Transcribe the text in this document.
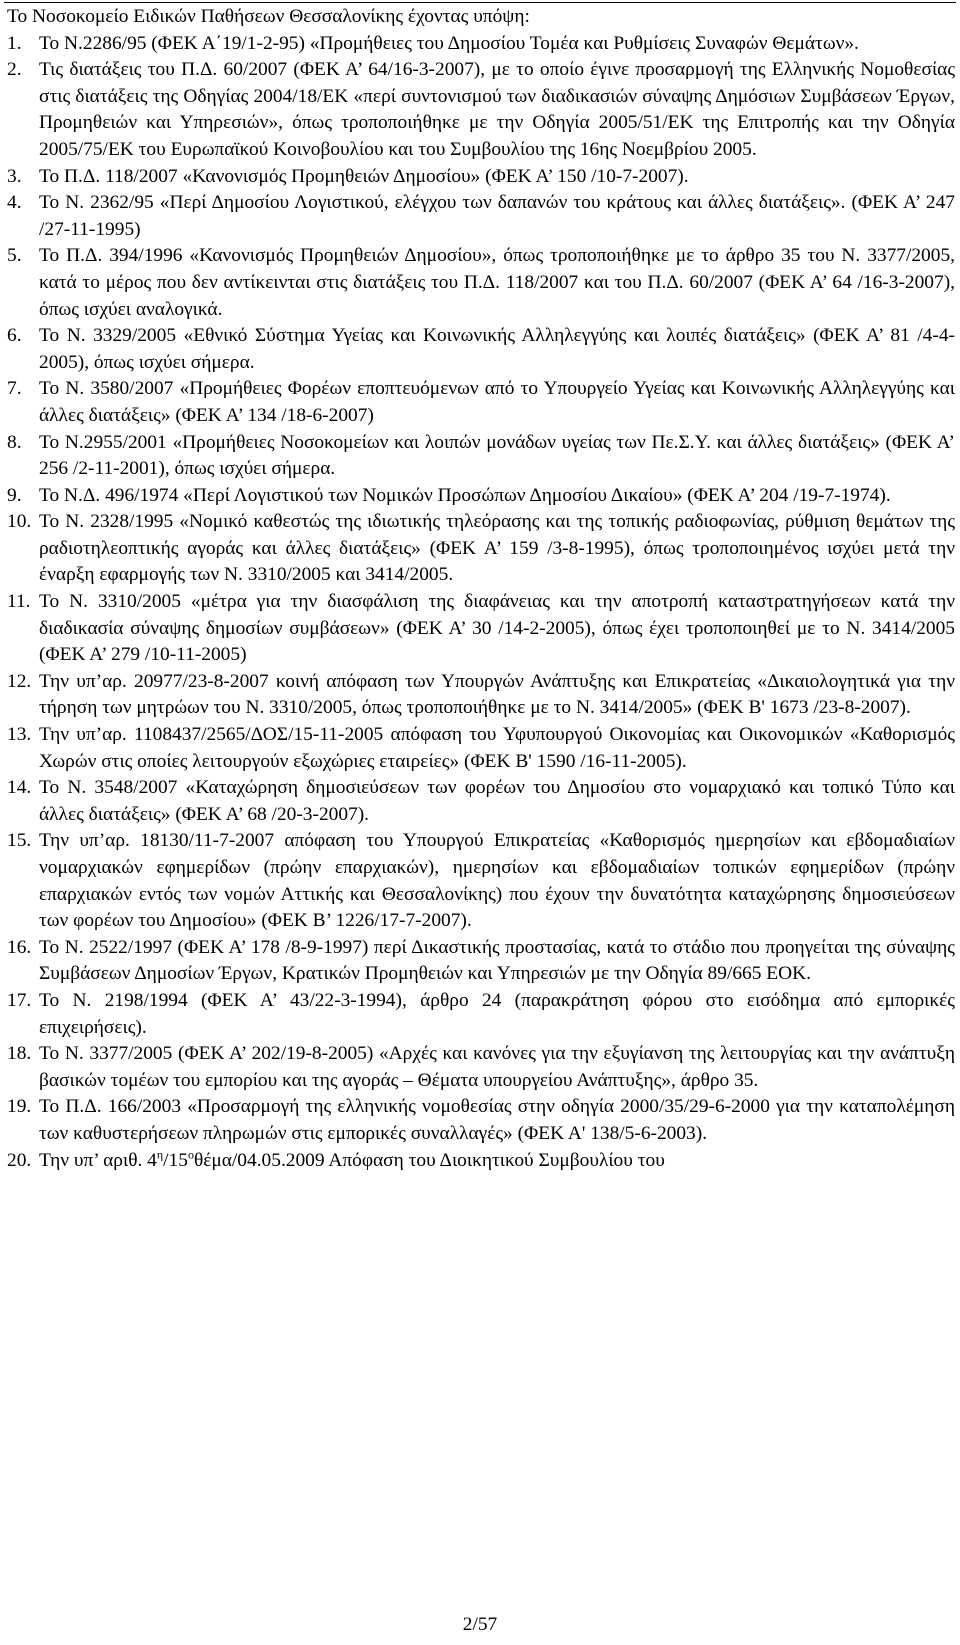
Το Νοσοκομείο Ειδικών Παθήσεων Θεσσαλονίκης έχοντας υπόψη:

1. Το Ν.2286/95 (ΦΕΚ Α΄19/1-2-95) «Προμήθειες του Δημοσίου Τομέα και Ρυθμίσεις Συναφών Θεμάτων».
2. Τις διατάξεις του Π.Δ. 60/2007 (ΦΕΚ Α’ 64/16-3-2007), με το οποίο έγινε προσαρμογή της Ελληνικής Νομοθεσίας στις διατάξεις της Οδηγίας 2004/18/ΕΚ «περί συντονισμού των διαδικασιών σύναψης Δημόσιων Συμβάσεων Έργων, Προμηθειών και Υπηρεσιών», όπως τροποποιήθηκε με την Οδηγία 2005/51/ΕΚ της Επιτροπής και την Οδηγία 2005/75/ΕΚ του Ευρωπαϊκού Κοινοβουλίου και του Συμβουλίου της 16ης Νοεμβρίου 2005.
3. Το Π.Δ. 118/2007 «Κανονισμός Προμηθειών Δημοσίου» (ΦΕΚ Α’ 150 /10-7-2007).
4. Το Ν. 2362/95 «Περί Δημοσίου Λογιστικού, ελέγχου των δαπανών του κράτους και άλλες διατάξεις». (ΦΕΚ Α’ 247 /27-11-1995)
5. Το Π.Δ. 394/1996 «Κανονισμός Προμηθειών Δημοσίου», όπως τροποποιήθηκε με το άρθρο 35 του Ν. 3377/2005, κατά το μέρος που δεν αντίκεινται στις διατάξεις του Π.Δ. 118/2007 και του Π.Δ. 60/2007 (ΦΕΚ Α’ 64 /16-3-2007), όπως ισχύει αναλογικά.
6. Το Ν. 3329/2005 «Εθνικό Σύστημα Υγείας και Κοινωνικής Αλληλεγγύης και λοιπές διατάξεις» (ΦΕΚ Α’ 81 /4-4-2005), όπως ισχύει σήμερα.
7. Το Ν. 3580/2007 «Προμήθειες Φορέων εποπτευόμενων από το Υπουργείο Υγείας και Κοινωνικής Αλληλεγγύης και άλλες διατάξεις» (ΦΕΚ Α’ 134 /18-6-2007)
8. Το Ν.2955/2001 «Προμήθειες Νοσοκομείων και λοιπών μονάδων υγείας των Πε.Σ.Υ. και άλλες διατάξεις» (ΦΕΚ Α’ 256 /2-11-2001), όπως ισχύει σήμερα.
9. Το Ν.Δ. 496/1974 «Περί Λογιστικού των Νομικών Προσώπων Δημοσίου Δικαίου» (ΦΕΚ Α’ 204 /19-7-1974).
10. Το Ν. 2328/1995 «Νομικό καθεστώς της ιδιωτικής τηλεόρασης και της τοπικής ραδιοφωνίας, ρύθμιση θεμάτων της ραδιοτηλεοπτικής αγοράς και άλλες διατάξεις» (ΦΕΚ Α’ 159 /3-8-1995), όπως τροποποιημένος ισχύει μετά την έναρξη εφαρμογής των Ν. 3310/2005 και 3414/2005.
11. Το Ν. 3310/2005 «μέτρα για την διασφάλιση της διαφάνειας και την αποτροπή καταστρατηγήσεων κατά την διαδικασία σύναψης δημοσίων συμβάσεων» (ΦΕΚ Α’ 30 /14-2-2005), όπως έχει τροποποιηθεί με το Ν. 3414/2005 (ΦΕΚ Α’ 279 /10-11-2005)
12. Την υπ’αρ. 20977/23-8-2007 κοινή απόφαση των Υπουργών Ανάπτυξης και Επικρατείας «Δικαιολογητικά για την τήρηση των μητρώων του Ν. 3310/2005, όπως τροποποιήθηκε με το Ν. 3414/2005» (ΦΕΚ Β' 1673 /23-8-2007).
13. Την υπ’αρ. 1108437/2565/ΔΟΣ/15-11-2005 απόφαση του Υφυπουργού Οικονομίας και Οικονομικών «Καθορισμός Χωρών στις οποίες λειτουργούν εξωχώριες εταιρείες» (ΦΕΚ Β' 1590 /16-11-2005).
14. Το Ν. 3548/2007 «Καταχώρηση δημοσιεύσεων των φορέων του Δημοσίου στο νομαρχιακό και τοπικό Τύπο και άλλες διατάξεις» (ΦΕΚ Α’ 68 /20-3-2007).
15. Την υπ’αρ. 18130/11-7-2007 απόφαση του Υπουργού Επικρατείας «Καθορισμός ημερησίων και εβδομαδιαίων νομαρχιακών εφημερίδων (πρώην επαρχιακών), ημερησίων και εβδομαδιαίων τοπικών εφημερίδων (πρώην επαρχιακών εντός των νομών Αττικής και Θεσσαλονίκης) που έχουν την δυνατότητα καταχώρησης δημοσιεύσεων των φορέων του Δημοσίου» (ΦΕΚ Β’ 1226/17-7-2007).
16. Το Ν. 2522/1997 (ΦΕΚ Α’ 178 /8-9-1997) περί Δικαστικής προστασίας, κατά το στάδιο που προηγείται της σύναψης Συμβάσεων Δημοσίων Έργων, Κρατικών Προμηθειών και Υπηρεσιών με την Οδηγία 89/665 ΕΟΚ.
17. Το Ν. 2198/1994 (ΦΕΚ Α’ 43/22-3-1994), άρθρο 24 (παρακράτηση φόρου στο εισόδημα από εμπορικές επιχειρήσεις).
18. Το Ν. 3377/2005 (ΦΕΚ Α’ 202/19-8-2005) «Αρχές και κανόνες για την εξυγίανση της λειτουργίας και την ανάπτυξη βασικών τομέων του εμπορίου και της αγοράς – Θέματα υπουργείου Ανάπτυξης», άρθρο 35.
19. Το Π.Δ. 166/2003 «Προσαρμογή της ελληνικής νομοθεσίας στην οδηγία 2000/35/29-6-2000 για την καταπολέμηση των καθυστερήσεων πληρωμών στις εμπορικές συναλλαγές» (ΦΕΚ Α' 138/5-6-2003).
20. Την υπ’ αριθ. $4^\eta/15^o\theta έ\mu\alpha/04.05.2009$ Απόφαση του Διοικητικού Συμβουλίου του
2/57
